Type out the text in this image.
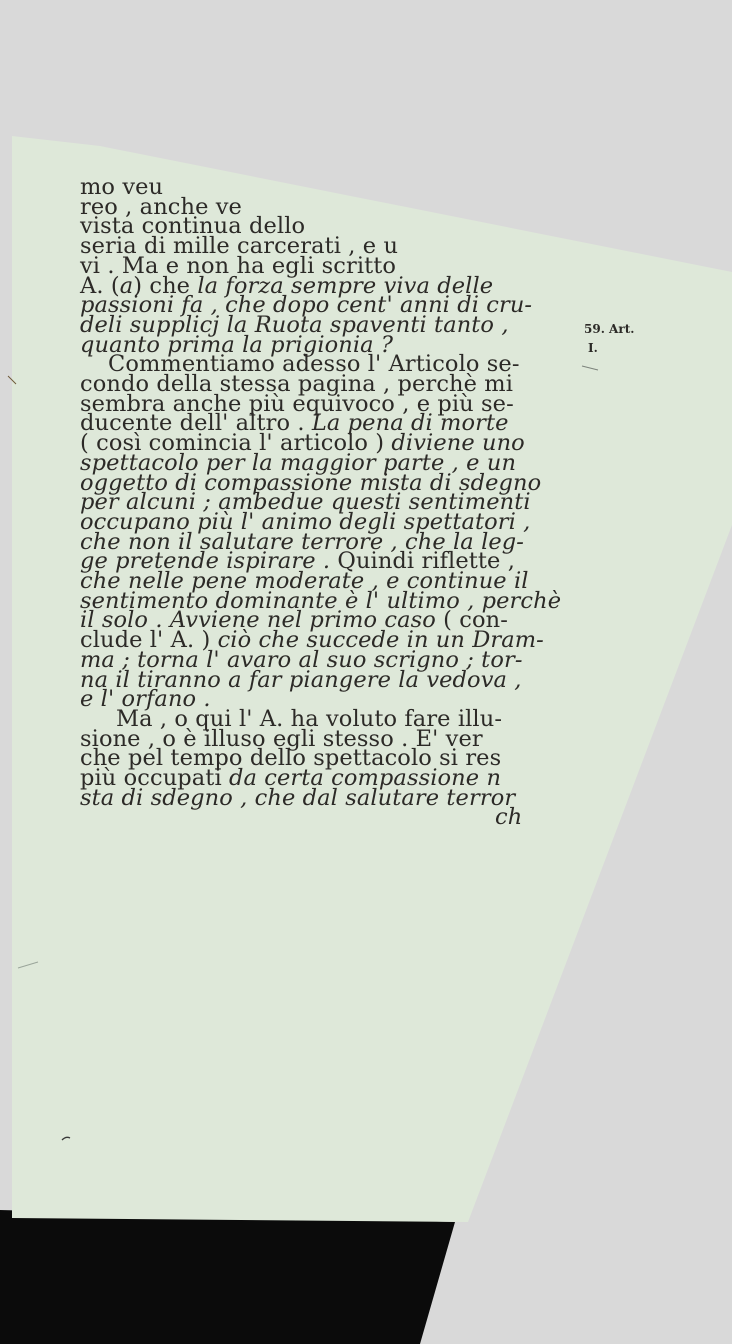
mo veu
reo , anche ve
vista continua dello
seria di mille carcerati , e u
vi . Ma e non ha egli scritto
A. (a) che la forza sempre viva delle
passioni fa , che dopo cent' anni di cru-
deli supplicj la Ruota spaventi tanto ,
quanto prima la prigionia ?
Commentiamo adesso l' Articolo se-
condo della stessa pagina , perchè mi
sembra anche più equivoco , e più se-
ducente dell' altro . La pena di morte
( così comincia l' articolo ) diviene uno
spettacolo per la maggior parte , e un
oggetto di compassione mista di sdegno
per alcuni ; ambedue questi sentimenti
occupano più l' animo degli spettatori ,
che non il salutare terrore , che la leg-
ge pretende ispirare . Quindi riflette ,
che nelle pene moderate , e continue il
sentimento dominante è l' ultimo , perchè
il solo . Avviene nel primo caso ( con-
clude l' A. ) ciò che succede in un Dram-
ma ; torna l' avaro al suo scrigno ; tor-
na il tiranno a far piangere la vedova ,
e l' orfano .
Ma , o qui l' A. ha voluto fare illu-
sione , o è illuso egli stesso . E' ver
che pel tempo dello spettacolo si res
più occupati da certa compassione n
sta di sdegno , che dal salutare terror
ch
59. Art.
I.
